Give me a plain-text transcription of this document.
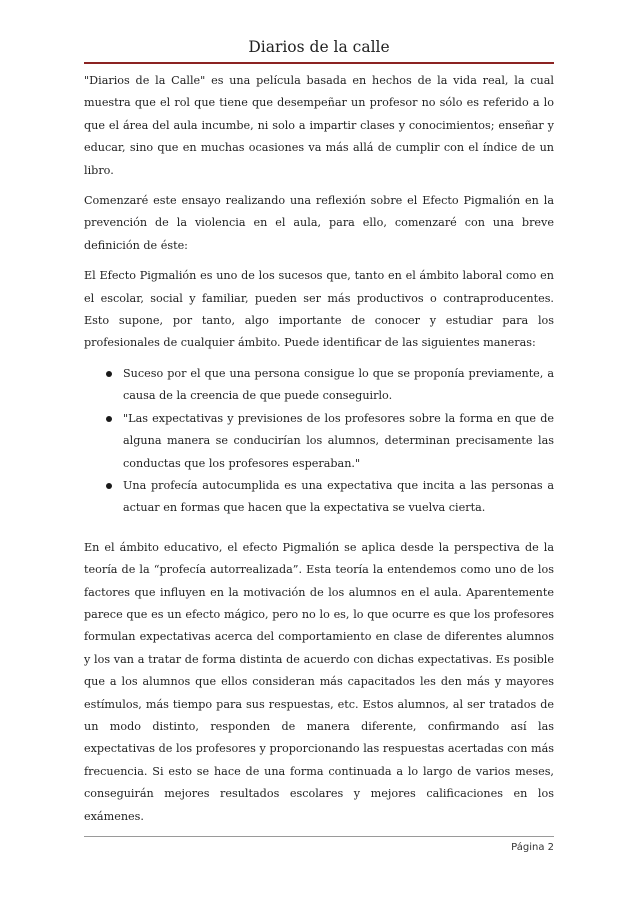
Diarios de la calle

"Diarios de la Calle" es una película basada en hechos de la vida real, la cual muestra que el rol que tiene que desempeñar un profesor no sólo es referido a lo que el área del aula incumbe, ni solo a impartir clases y conocimientos; enseñar y educar, sino que en muchas ocasiones va más allá de cumplir con el índice de un libro.

Comenzaré este ensayo realizando una reflexión sobre el Efecto Pigmalión en la prevención de la violencia en el aula, para ello, comenzaré con una breve definición de éste:

El Efecto Pigmalión es uno de los sucesos que, tanto en el ámbito laboral como en el escolar, social y familiar, pueden ser más productivos o contraproducentes. Esto supone, por tanto, algo importante de conocer y estudiar para los profesionales de cualquier ámbito. Puede identificar de las siguientes maneras:

Suceso por el que una persona consigue lo que se proponía previamente, a causa de la creencia de que puede conseguirlo.
"Las expectativas y previsiones de los profesores sobre la forma en que de alguna manera se conducirían los alumnos, determinan precisamente las conductas que los profesores esperaban."
Una profecía autocumplida es una expectativa que incita a las personas a actuar en formas que hacen que la expectativa se vuelva cierta.

En el ámbito educativo, el efecto Pigmalión se aplica desde la perspectiva de la teoría de la “profecía autorrealizada”. Esta teoría la entendemos como uno de los factores que influyen en la motivación de los alumnos en el aula. Aparentemente parece que es un efecto mágico, pero no lo es, lo que ocurre es que los profesores formulan expectativas acerca del comportamiento en clase de diferentes alumnos y los van a tratar de forma distinta de acuerdo con dichas expectativas. Es posible que a los alumnos que ellos consideran más capacitados les den más y mayores estímulos, más tiempo para sus respuestas, etc. Estos alumnos, al ser tratados de un modo distinto, responden de manera diferente, confirmando así las expectativas de los profesores y proporcionando las respuestas acertadas con más frecuencia. Si esto se hace de una forma continuada a lo largo de varios meses, conseguirán mejores resultados escolares y mejores calificaciones en los exámenes.

Página 2
